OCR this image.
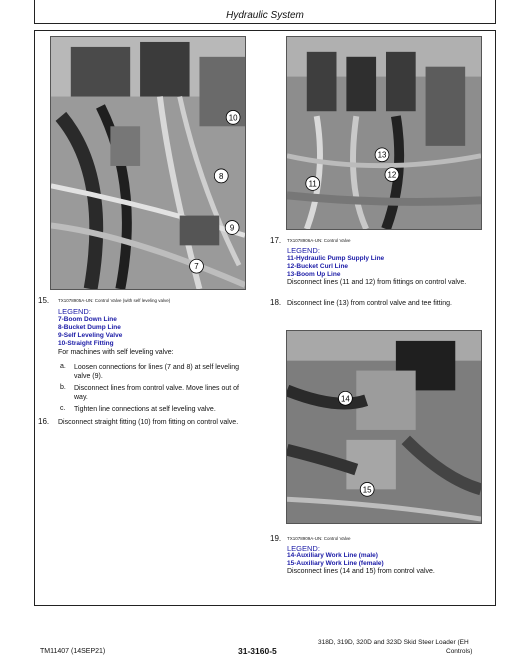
Hydraulic System
10
8
9
7
13
11
12
14
15
15. TX1078905A-UN: Control Valve (with self leveling valve)
LEGEND:
7-Boom Down Line
8-Bucket Dump Line
9-Self Leveling Valve
10-Straight Fitting
For machines with self leveling valve:
a. Loosen connections for lines (7 and 8) at self leveling
valve (9).
b. Disconnect lines from control valve. Move lines out of
way.
c. Tighten line connections at self leveling valve.
16. Disconnect straight fitting (10) from fitting on control valve.
17. TX1078906A-UN: Control Valve
LEGEND:
11-Hydraulic Pump Supply Line
12-Bucket Curl Line
13-Boom Up Line
Disconnect lines (11 and 12) from fittings on control valve.
18. Disconnect line (13) from control valve and tee fitting.
19. TX1078909A-UN: Control Valve
LEGEND:
14-Auxiliary Work Line (male)
15-Auxiliary Work Line (female)
Disconnect lines (14 and 15) from control valve.
TM11407 (14SEP21)	31-3160-5
318D, 319D, 320D and 323D Skid Steer Loader (EH
Controls)
